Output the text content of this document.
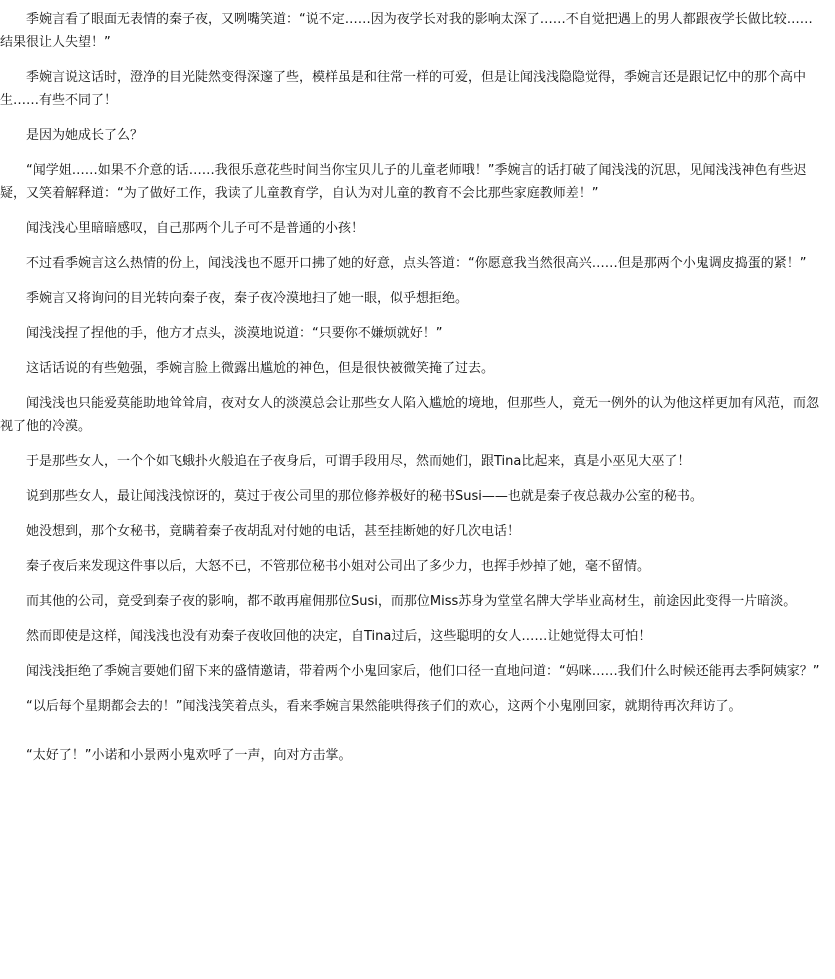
季婉言看了眼面无表情的秦子夜，又咧嘴笑道：“说不定……因为夜学长对我的影响太深了……不自觉把遇上的男人都跟夜学长做比较……结果很让人失望！”

季婉言说这话时，澄净的目光陡然变得深邃了些，模样虽是和往常一样的可爱，但是让闻浅浅隐隐觉得，季婉言还是跟记忆中的那个高中生……有些不同了！

是因为她成长了么？

“闻学姐……如果不介意的话……我很乐意花些时间当你宝贝儿子的儿童老师哦！”季婉言的话打破了闻浅浅的沉思，见闻浅浅神色有些迟疑，又笑着解释道：“为了做好工作，我读了儿童教育学，自认为对儿童的教育不会比那些家庭教师差！”

闻浅浅心里暗暗感叹，自己那两个儿子可不是普通的小孩！

不过看季婉言这么热情的份上，闻浅浅也不愿开口拂了她的好意，点头答道：“你愿意我当然很高兴……但是那两个小鬼调皮捣蛋的紧！”

季婉言又将询问的目光转向秦子夜，秦子夜冷漠地扫了她一眼，似乎想拒绝。

闻浅浅捏了捏他的手，他方才点头，淡漠地说道：“只要你不嫌烦就好！”

这话话说的有些勉强，季婉言脸上微露出尴尬的神色，但是很快被微笑掩了过去。

闻浅浅也只能爱莫能助地耸耸肩，夜对女人的淡漠总会让那些女人陷入尴尬的境地，但那些人，竟无一例外的认为他这样更加有风范，而忽视了他的冷漠。

于是那些女人，一个个如飞蛾扑火般追在子夜身后，可谓手段用尽，然而她们，跟Tina比起来，真是小巫见大巫了！

说到那些女人，最让闻浅浅惊讶的，莫过于夜公司里的那位修养极好的秘书Susi——也就是秦子夜总裁办公室的秘书。

她没想到，那个女秘书，竟瞒着秦子夜胡乱对付她的电话，甚至挂断她的好几次电话！

秦子夜后来发现这件事以后，大怒不已，不管那位秘书小姐对公司出了多少力，也挥手炒掉了她，毫不留情。

而其他的公司，竟受到秦子夜的影响，都不敢再雇佣那位Susi，而那位Miss苏身为堂堂名牌大学毕业高材生，前途因此变得一片暗淡。

然而即使是这样，闻浅浅也没有劝秦子夜收回他的决定，自Tina过后，这些聪明的女人……让她觉得太可怕！

闻浅浅拒绝了季婉言要她们留下来的盛情邀请，带着两个小鬼回家后，他们口径一直地问道：“妈咪……我们什么时候还能再去季阿姨家？”

“以后每个星期都会去的！”闻浅浅笑着点头，看来季婉言果然能哄得孩子们的欢心，这两个小鬼刚回家，就期待再次拜访了。

“太好了！”小诺和小景两小鬼欢呼了一声，向对方击掌。
